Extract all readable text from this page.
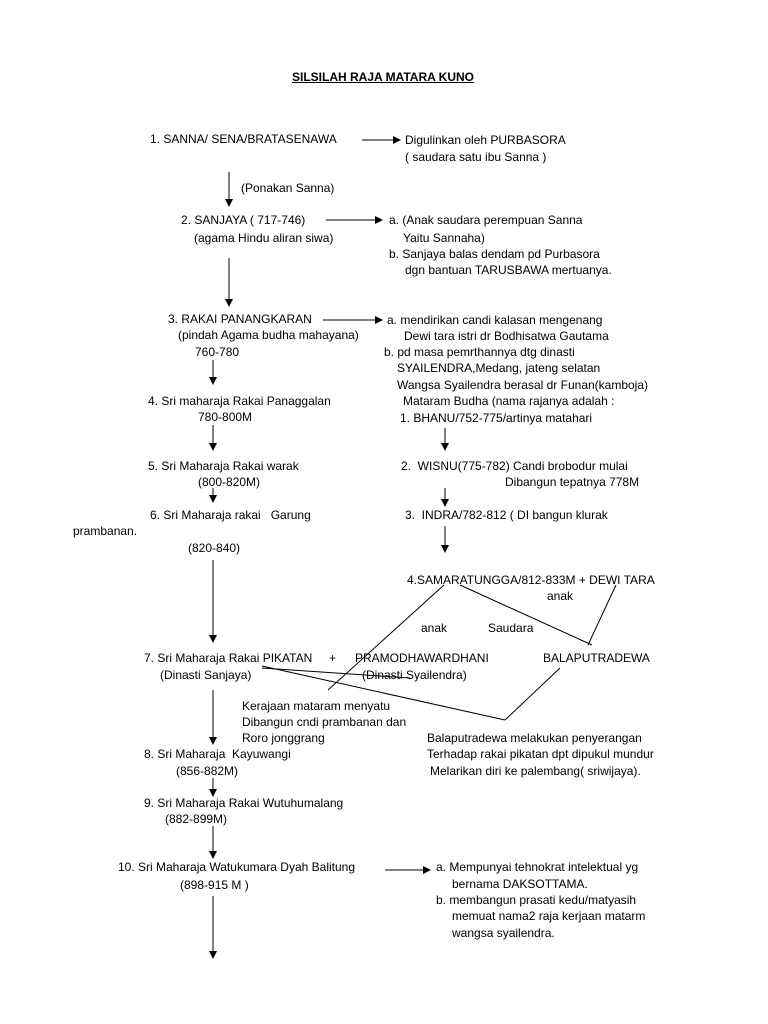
SILSILAH RAJA MATARA KUNO
1. SANNA/ SENA/BRATASENAWA
(Ponakan Sanna)
2. SANJAYA ( 717-746)
(agama Hindu aliran siwa)
3. RAKAI PANANGKARAN
(pindah Agama budha mahayana)
760-780
4. Sri maharaja Rakai Panaggalan
780-800M
5. Sri Maharaja Rakai warak
(800-820M)
6. Sri Maharaja rakai   Garung
prambanan.
(820-840)
7. Sri Maharaja Rakai PIKATAN     +
(Dinasti Sanjaya)
PRAMODHAWARDHANI
(Dinasti Syailendra)
Kerajaan mataram menyatu
Dibangun cndi prambanan dan
Roro jonggrang
8. Sri Maharaja  Kayuwangi
(856-882M)
9. Sri Maharaja Rakai Wutuhumalang
(882-899M)
10. Sri Maharaja Watukumara Dyah Balitung
(898-915 M )
Digulinkan oleh PURBASORA
( saudara satu ibu Sanna )
a. (Anak saudara perempuan Sanna
Yaitu Sannaha)
b. Sanjaya balas dendam pd Purbasora
dgn bantuan TARUSBAWA mertuanya.
a. mendirikan candi kalasan mengenang
Dewi tara istri dr Bodhisatwa Gautama
b. pd masa pemrthannya dtg dinasti
SYAILENDRA,Medang, jateng selatan
Wangsa Syailendra berasal dr Funan(kamboja)
Mataram Budha (nama rajanya adalah :
1. BHANU/752-775/artinya matahari
2.  WISNU(775-782) Candi brobodur mulai
Dibangun tepatnya 778M
3.  INDRA/782-812 ( DI bangun klurak
4.SAMARATUNGGA/812-833M + DEWI TARA
anak
anak	Saudara
BALAPUTRADEWA
Balaputradewa melakukan penyerangan
Terhadap rakai pikatan dpt dipukul mundur
Melarikan diri ke palembang( sriwijaya).
a. Mempunyai tehnokrat intelektual yg
bernama DAKSOTTAMA.
b. membangun prasati kedu/matyasih
memuat nama2 raja kerjaan matarm
wangsa syailendra.
